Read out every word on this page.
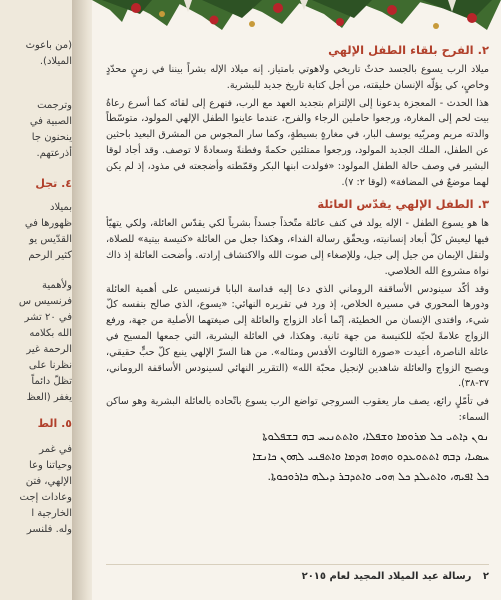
(من باعوث
الميلاد).
وترجمت
الصبية في
ينحنون جا
أذرعتهم.
٤. تجل
بميلاد
ظهورها في
القدّيس يو
كثير الرحم
ولأهمية
فرنسيس س
في ٢٠ تشر
الله بكلامه
الرحمة غير
نظرنا على
تظلّ دائماً
يغفر (العظ
٥. الط
في غمر
وحياتنا وعا
الإلهي، فتن
وعادات إجت
الخارجية ا
وله. فلنسر
٢. الفرح بلقاء الطفل الإلهي

ميلاد الرب يسوع بالجسد حدثٌ تاريخي ولاهوتي بامتياز. إنه ميلاد الإله بشراً بيننا في زمنٍ محدّدٍ وخاصٍ، كي يؤلّه الإنسان خليقته، من أجل كتابة تاريخ جديد للبشرية.

هذا الحدث - المعجزة يدعونا إلى الإلتزام بتجديد العهد مع الرب، فنهرع إلى لقائه كما أسرع رعاةُ بيت لحم إلى المغارة، ورجعوا حاملين الرجاء والفرح، عندما عاينوا الطفل الإلهي المولود، متوسّطاً والدته مريم ومربّيه يوسف البار، في مغارةٍ بسيطةٍ، وكما سار المجوس من المشرق البعيد باحثين عن الطفل، الملك الجديد المولود، ورجعوا ممتلئين حكمةً وفطنةً وسعادةً لا توصف. وقد أجاد لوقا البشير في وصف حالة الطفل المولود: «فولدت ابنها البكر وقمّطته وأضجعته في مذود، إذ لم يكن لهما موضعٌ في المضافة» (لوقا ٢: ٧).

٣. الطفل الإلهي يقدّس العائلة

ها هو يسوع الطفل - الإله يولد في كنف عائلة متّخذاً جسداً بشرياً لكي يقدّس العائلة، ولكي يتهيّأ فيها ليعيش كلّ أبعاد إنسانيته، ويحقّق رسالة الفداء، وهكذا جعل من العائلة «كنيسة بيتية» للصلاة، ولنقل الإيمان من جيل إلى جيل، وللإصغاء إلى صوت الله والاكتشاف إرادته. وأضحت العائلة إذ ذاك نواة مشروع الله الخلاصي.

وقد أكّد سينودس الأساقفة الروماني الذي دعا إليه قداسة البابا فرنسيس على أهمية العائلة ودورها المحوري في مسيرة الخلاص، إذ ورد في تقريره النهائي: «يسوع، الذي صالح بنفسه كلّ شيء، وافتدى الإنسان من الخطيئة، إنّما أعاد الزواج والعائلة إلى صيغتهما الأصلية من جهة، ورفع الزواج علامةً لحبّه للكنيسة من جهة ثانية. وهكذا، في العائلة البشرية، التي جمعها المسيح في عائلة الناصرة، أعيدت «صورة الثالوث الأقدس ومثاله». من هنا السرّ الإلهي ينبع كلّ حبٍّ حقيقي، ويصبح الزواج والعائلة شاهدين لإنجيل محبّة الله» (التقرير النهائي لسينودس الأساقفة الروماني، ٣٧-٣٨).

في تأمّلٍ رائع، يصف مار يعقوب السروجي تواضع الرب يسوع باتّحاده بالعائلة البشرية وهو ساكن السماء:

ܢܘܢ ܕܐܬܝ ܟܠ ܡܪܘܡܐ ܘܫܦܠܐ، ܘܐܬܬܢܝܚ ܒܗ ܒܫܦܠܘܬܐ
ܚܣܝܐ، ܕܒܗ ܐܬܬܘܥܕܘ ܘܗܘܐ ܗܕܡܐ ܘܐܬܦܢܝ ܠܗܘܢ ܟܐܢܫܐ
ܟܠ ܐܦܝܗ، ܘܐܬܝܠܕ ܟܠ ܗܘܝ ܘܐܬܕܒܪ ܕܝܠܗ ܟܐܪܘܟܘܬܐ.
٢ رسالة عيد الميلاد المجيد لعام ٢٠١٥
